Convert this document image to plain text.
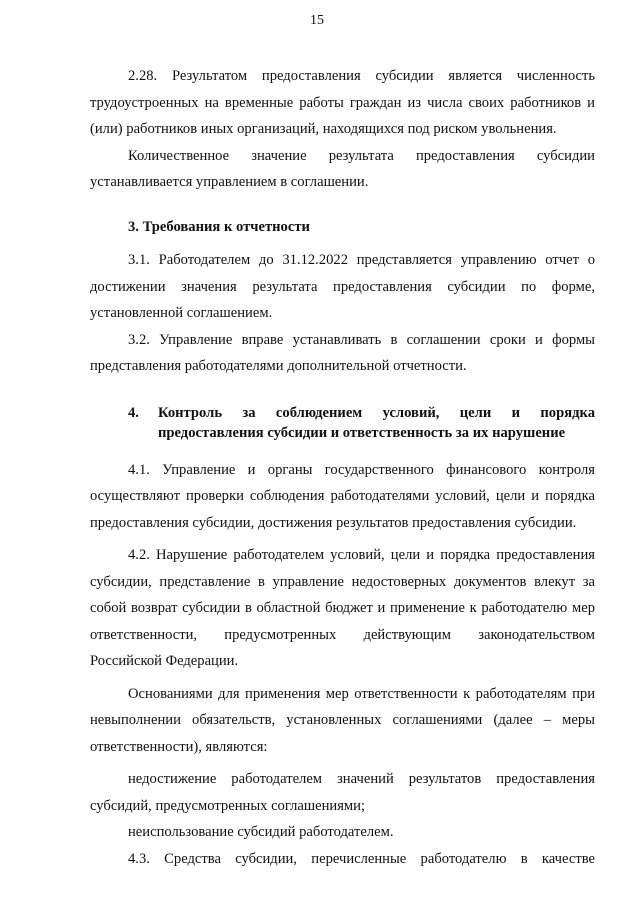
15

2.28. Результатом предоставления субсидии является численность трудоустроенных на временные работы граждан из числа своих работников и (или) работников иных организаций, находящихся под риском увольнения.

Количественное значение результата предоставления субсидии устанавливается управлением в соглашении.

3. Требования к отчетности

3.1. Работодателем до 31.12.2022 представляется управлению отчет о достижении значения результата предоставления субсидии по форме, установленной соглашением.

3.2. Управление вправе устанавливать в соглашении сроки и формы представления работодателями дополнительной отчетности.

4.	Контроль за соблюдением условий, цели и порядка
предоставления субсидии и ответственность за их нарушение

4.1. Управление и органы государственного финансового контроля осуществляют проверки соблюдения работодателями условий, цели и порядка предоставления субсидии, достижения результатов предоставления субсидии.

4.2. Нарушение работодателем условий, цели и порядка предоставления субсидии, представление в управление недостоверных документов влекут за собой возврат субсидии в областной бюджет и применение к работодателю мер ответственности, предусмотренных действующим законодательством Российской Федерации.

Основаниями для применения мер ответственности к работодателям при невыполнении обязательств, установленных соглашениями (далее – меры ответственности), являются:

недостижение работодателем значений результатов предоставления субсидий, предусмотренных соглашениями;

неиспользование субсидий работодателем.

4.3. Средства субсидии, перечисленные работодателю в качестве
